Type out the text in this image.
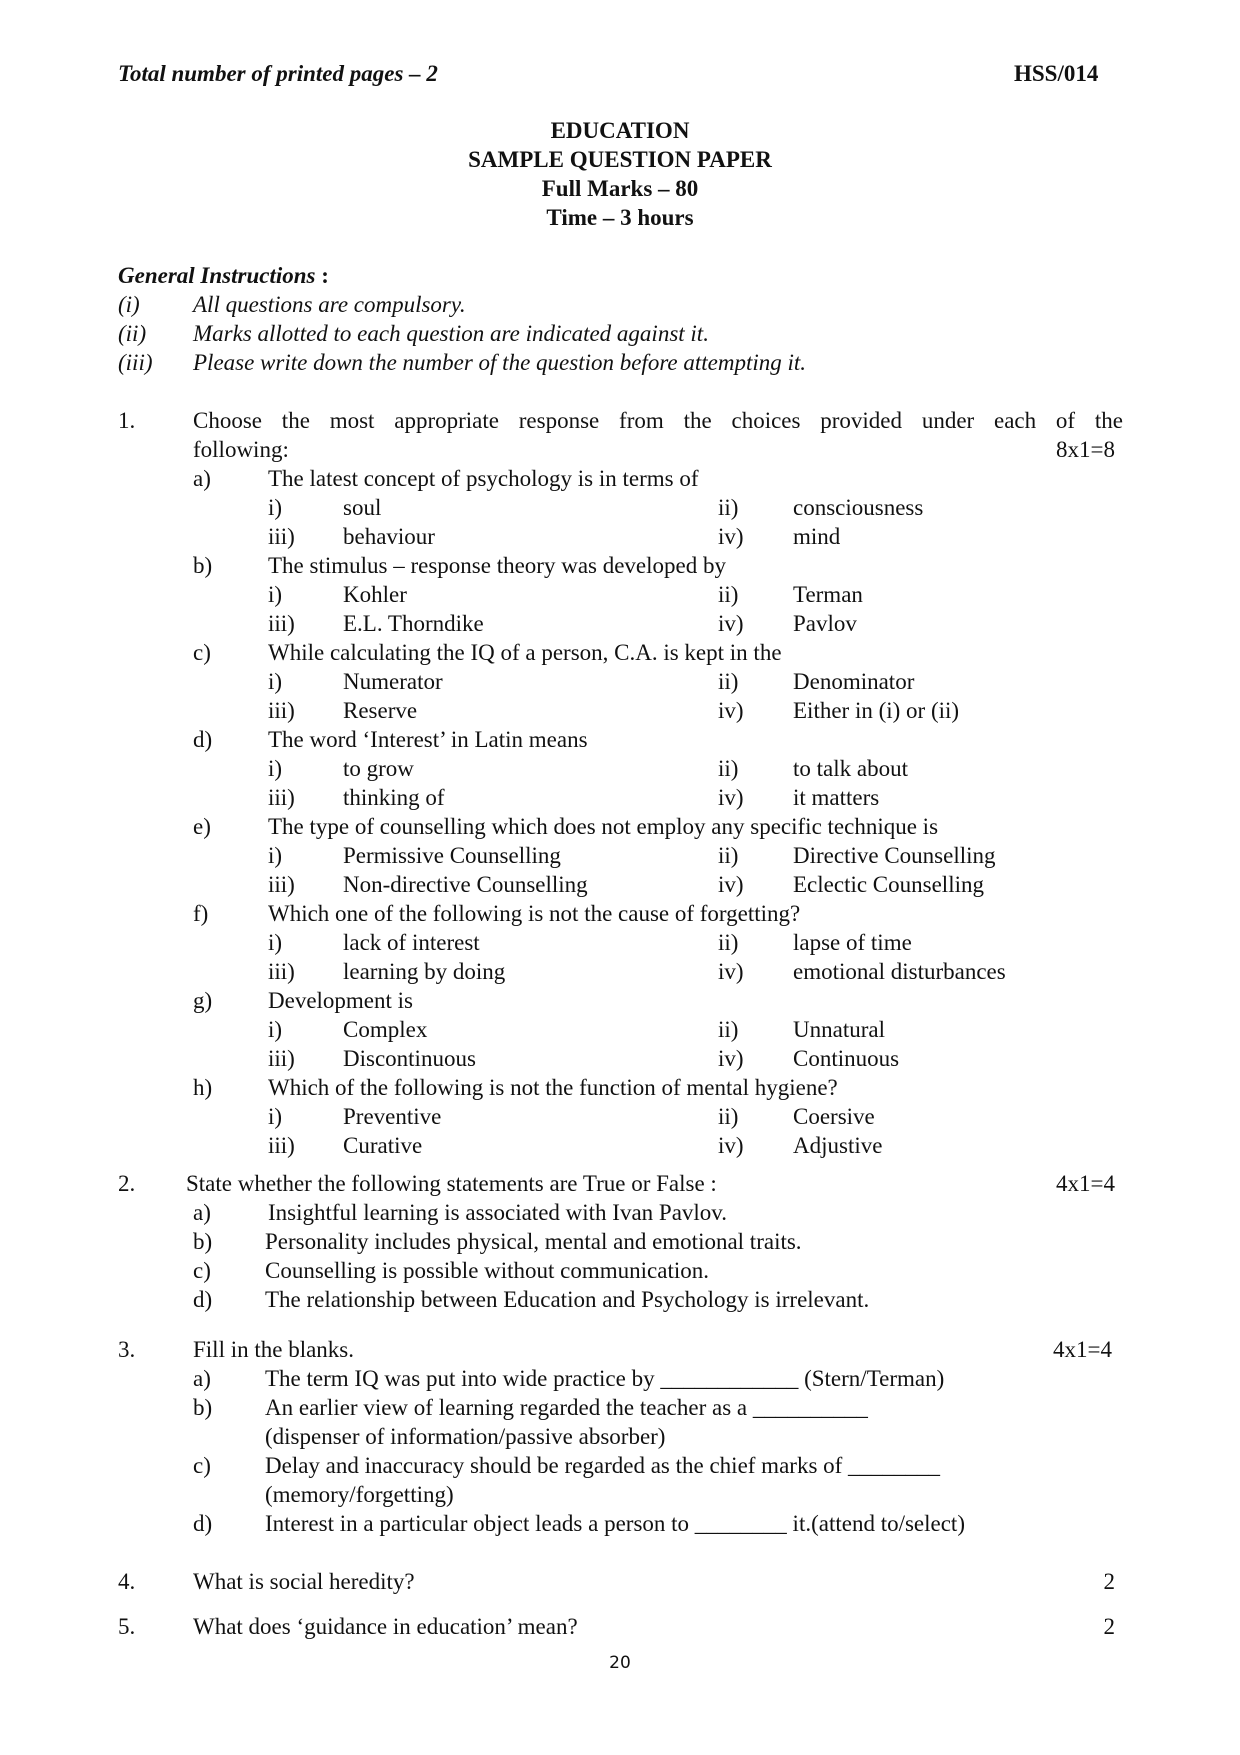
Total number of printed pages – 2	HSS/014
EDUCATION
SAMPLE QUESTION PAPER
Full Marks – 80
Time – 3 hours
General Instructions :
(i) All questions are compulsory.
(ii) Marks allotted to each question are indicated against it.
(iii) Please write down the number of the question before attempting it.
1.	Choose the most appropriate response from the choices provided under each of the
following:	8x1=8
a) The latest concept of psychology is in terms of
i)	soul	ii) consciousness
iii) behaviour	iv) mind
b) The stimulus – response theory was developed by
i)	Kohler	ii) Terman
iii) E.L. Thorndike	iv) Pavlov
c) While calculating the IQ of a person, C.A. is kept in the
i)	Numerator	ii) Denominator
iii) Reserve	iv) Either in (i) or (ii)
d) The word ‘Interest’ in Latin means
i)	to grow	ii) to talk about
iii) thinking of	iv) it matters
e) The type of counselling which does not employ any specific technique is
i)	Permissive Counselling	ii) Directive Counselling
iii) Non-directive Counselling	iv) Eclectic Counselling
f)	Which one of the following is not the cause of forgetting?
i)	lack of interest	ii) lapse of time
iii) learning by doing	iv) emotional disturbances
g) Development is
i)	Complex	ii) Unnatural
iii) Discontinuous	iv) Continuous
h) Which of the following is not the function of mental hygiene?
i)	Preventive	ii) Coersive
iii) Curative	iv) Adjustive
2. State whether the following statements are True or False :	4x1=4
a) Insightful learning is associated with Ivan Pavlov.
b) Personality includes physical, mental and emotional traits.
c) Counselling is possible without communication.
d) The relationship between Education and Psychology is irrelevant.
3.	Fill in the blanks.	4x1=4
a) The term IQ was put into wide practice by ____________ (Stern/Terman)
b) An earlier view of learning regarded the teacher as a __________
(dispenser of information/passive absorber)
c) Delay and inaccuracy should be regarded as the chief marks of ________
(memory/forgetting)
d) Interest in a particular object leads a person to ________ it.(attend to/select)
4.	What is social heredity?	2
5.	What does ‘guidance in education’ mean?	2
20
